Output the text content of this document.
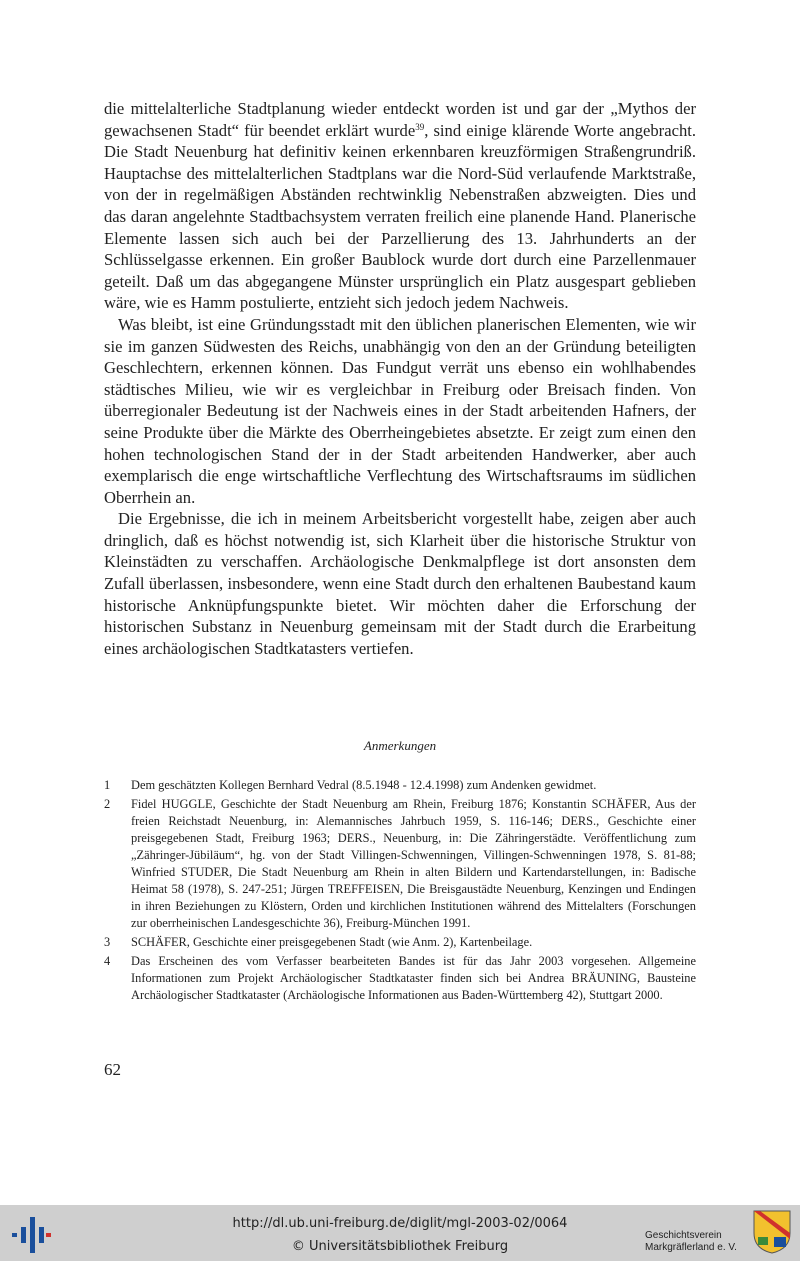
die mittelalterliche Stadtplanung wieder entdeckt worden ist und gar der „Mythos der gewachsenen Stadt“ für beendet erklärt wurde$^{39}$, sind einige klärende Worte angebracht. Die Stadt Neuenburg hat definitiv keinen erkennbaren kreuzförmigen Straßengrundriß. Hauptachse des mittelalterlichen Stadtplans war die Nord-Süd verlaufende Marktstraße, von der in regelmäßigen Abständen rechtwinklig Nebenstraßen abzweigten. Dies und das daran angelehnte Stadtbachsystem verraten freilich eine planende Hand. Planerische Elemente lassen sich auch bei der Parzellierung des 13. Jahrhunderts an der Schlüsselgasse erkennen. Ein großer Baublock wurde dort durch eine Parzellenmauer geteilt. Daß um das abgegangene Münster ursprünglich ein Platz ausgespart geblieben wäre, wie es Hamm postulierte, entzieht sich jedoch jedem Nachweis.

Was bleibt, ist eine Gründungsstadt mit den üblichen planerischen Elementen, wie wir sie im ganzen Südwesten des Reichs, unabhängig von den an der Gründung beteiligten Geschlechtern, erkennen können. Das Fundgut verrät uns ebenso ein wohlhabendes städtisches Milieu, wie wir es vergleichbar in Freiburg oder Breisach finden. Von überregionaler Bedeutung ist der Nachweis eines in der Stadt arbeitenden Hafners, der seine Produkte über die Märkte des Oberrheingebietes absetzte. Er zeigt zum einen den hohen technologischen Stand der in der Stadt arbeitenden Handwerker, aber auch exemplarisch die enge wirtschaftliche Verflechtung des Wirtschaftsraums im südlichen Oberrhein an.

Die Ergebnisse, die ich in meinem Arbeitsbericht vorgestellt habe, zeigen aber auch dringlich, daß es höchst notwendig ist, sich Klarheit über die historische Struktur von Kleinstädten zu verschaffen. Archäologische Denkmalpflege ist dort ansonsten dem Zufall überlassen, insbesondere, wenn eine Stadt durch den erhaltenen Baubestand kaum historische Anknüpfungspunkte bietet. Wir möchten daher die Erforschung der historischen Substanz in Neuenburg gemeinsam mit der Stadt durch die Erarbeitung eines archäologischen Stadtkatasters vertiefen.

Anmerkungen
1	Dem geschätzten Kollegen Bernhard Vedral (8.5.1948 - 12.4.1998) zum Andenken gewidmet.
2	Fidel HUGGLE, Geschichte der Stadt Neuenburg am Rhein, Freiburg 1876; Konstantin SCHÄFER, Aus der freien Reichstadt Neuenburg, in: Alemannisches Jahrbuch 1959, S. 116-146; DERS., Geschichte einer preisgegebenen Stadt, Freiburg 1963; DERS., Neuenburg, in: Die Zähringerstädte. Veröffentlichung zum „Zähringer-Jübiläum“, hg. von der Stadt Villingen-Schwenningen, Villingen-Schwenningen 1978, S. 81-88; Winfried STUDER, Die Stadt Neuenburg am Rhein in alten Bildern und Kartendarstellungen, in: Badische Heimat 58 (1978), S. 247-251; Jürgen TREFFEISEN, Die Breisgaustädte Neuenburg, Kenzingen und Endingen in ihren Beziehungen zu Klöstern, Orden und kirchlichen Institutionen während des Mittelalters (Forschungen zur oberrheinischen Landesgeschichte 36), Freiburg-München 1991.
3	SCHÄFER, Geschichte einer preisgegebenen Stadt (wie Anm. 2), Kartenbeilage.
4	Das Erscheinen des vom Verfasser bearbeiteten Bandes ist für das Jahr 2003 vorgesehen. Allgemeine Informationen zum Projekt Archäologischer Stadtkataster finden sich bei Andrea BRÄUNING, Bausteine Archäologischer Stadtkataster (Archäologische Informationen aus Baden-Württemberg 42), Stuttgart 2000.
62
http://dl.ub.uni-freiburg.de/diglit/mgl-2003-02/0064
© Universitätsbibliothek Freiburg
Geschichtsverein
Markgräflerland e. V.
